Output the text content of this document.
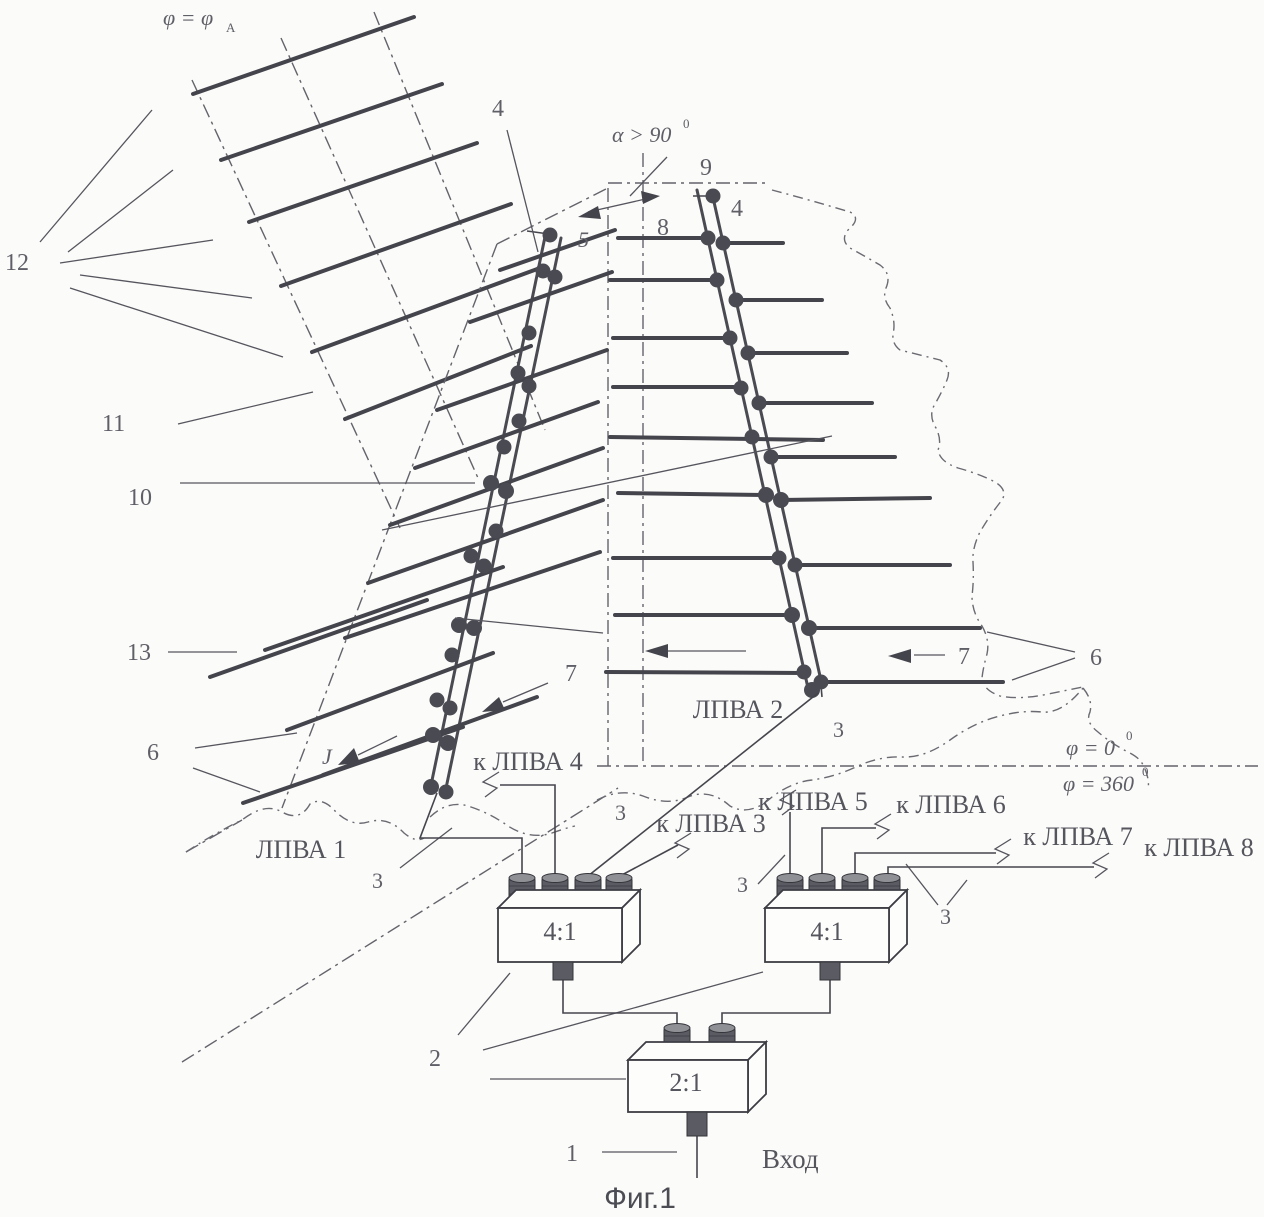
4:1	4:1
2:1
φ = φ A
α > 90 0
φ = 0 0
φ = 360 0
12
11
10
13
6
6
7
7
4
4
5	8
9
J
3
3
3
3
3
2
1
ЛПВА 1
ЛПВА 2
к ЛПВА 4
к ЛПВА 3
к ЛПВА 5 к ЛПВА 6
к ЛПВА 7 к ЛПВА 8
Вход
Фиг.1
